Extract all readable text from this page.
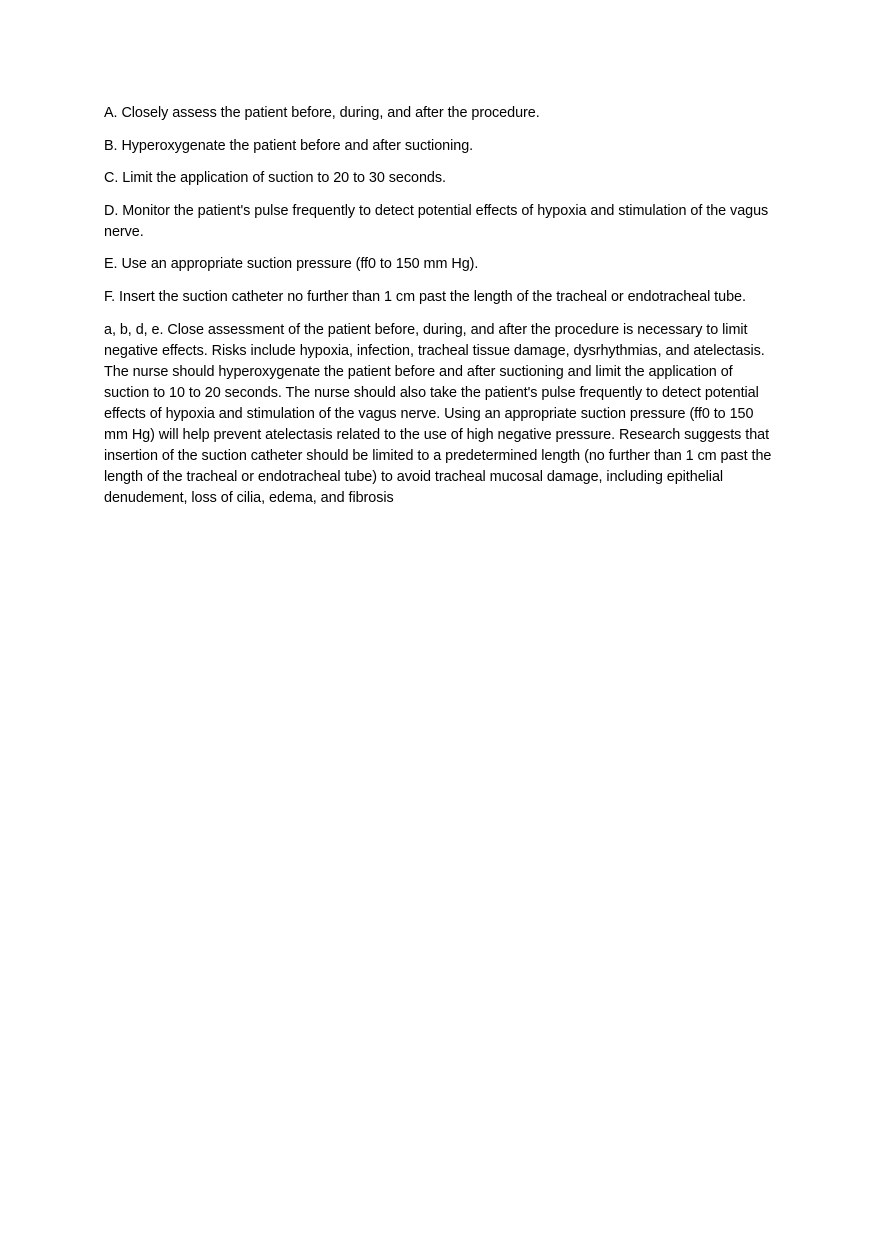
A. Closely assess the patient before, during, and after the procedure.

B. Hyperoxygenate the patient before and after suctioning.

C. Limit the application of suction to 20 to 30 seconds.

D. Monitor the patient's pulse frequently to detect potential effects of hypoxia and stimulation of the vagus nerve.

E. Use an appropriate suction pressure (ff0 to 150 mm Hg).

F. Insert the suction catheter no further than 1 cm past the length of the tracheal or endotracheal tube.

a, b, d, e. Close assessment of the patient before, during, and after the procedure is necessary to limit negative effects. Risks include hypoxia, infection, tracheal tissue damage, dysrhythmias, and atelectasis. The nurse should hyperoxygenate the patient before and after suctioning and limit the application of suction to 10 to 20 seconds. The nurse should also take the patient's pulse frequently to detect potential effects of hypoxia and stimulation of the vagus nerve. Using an appropriate suction pressure (ff0 to 150 mm Hg) will help prevent atelectasis related to the use of high negative pressure. Research suggests that insertion of the suction catheter should be limited to a predetermined length (no further than 1 cm past the length of the tracheal or endotracheal tube) to avoid tracheal mucosal damage, including epithelial denudement, loss of cilia, edema, and fibrosis
